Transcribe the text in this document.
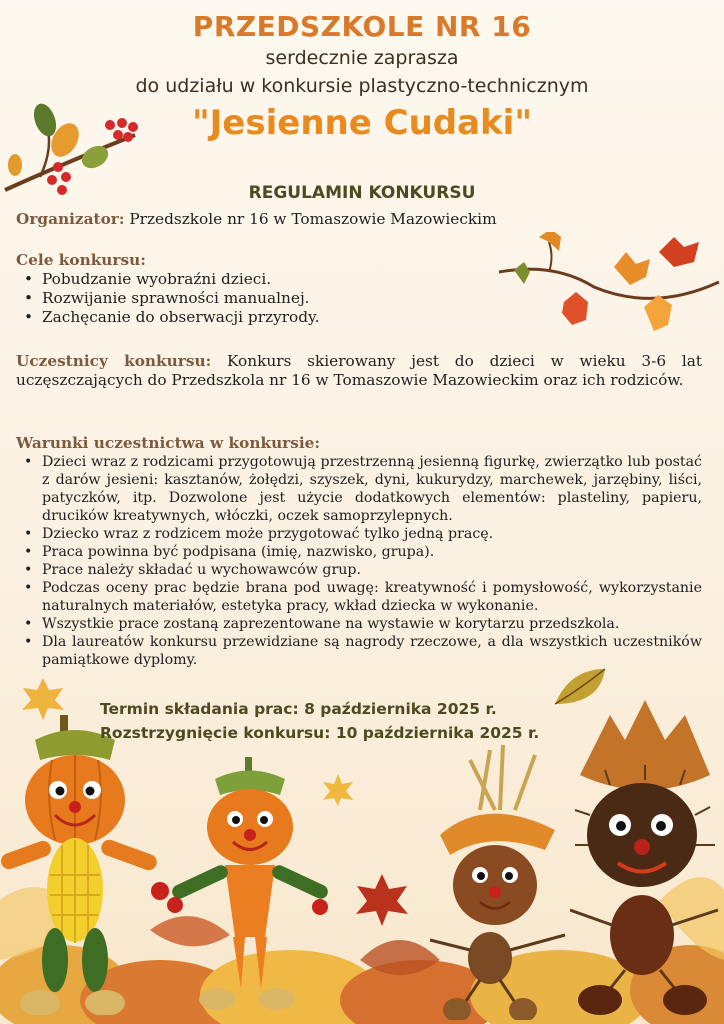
PRZEDSZKOLE NR 16
serdecznie zaprasza
do udziału w konkursie plastyczno-technicznym
"Jesienne Cudaki"
REGULAMIN KONKURSU
Organizator: Przedszkole nr 16 w Tomaszowie Mazowieckim
Cele konkursu:
• Pobudzanie wyobraźni dzieci.
• Rozwijanie sprawności manualnej.
• Zachęcanie do obserwacji przyrody.
Uczestnicy konkursu: Konkurs skierowany jest do dzieci w wieku 3-6 lat uczęszczających do Przedszkola nr 16 w Tomaszowie Mazowieckim oraz ich rodziców.
Warunki uczestnictwa w konkursie:
• Dzieci wraz z rodzicami przygotowują przestrzenną jesienną figurkę, zwierzątko lub postać z darów jesieni: kasztanów, żołędzi, szyszek, dyni, kukurydzy, marchewek, jarzębiny, liści, patyczków, itp. Dozwolone jest użycie dodatkowych elementów: plasteliny, papieru, drucików kreatywnych, włóczki, oczek samoprzylepnych.
• Dziecko wraz z rodzicem może przygotować tylko jedną pracę.
• Praca powinna być podpisana (imię, nazwisko, grupa).
• Prace należy składać u wychowawców grup.
• Podczas oceny prac będzie brana pod uwagę: kreatywność i pomysłowość, wykorzystanie naturalnych materiałów, estetyka pracy, wkład dziecka w wykonanie.
• Wszystkie prace zostaną zaprezentowane na wystawie w korytarzu przedszkola.
• Dla laureatów konkursu przewidziane są nagrody rzeczowe, a dla wszystkich uczestników pamiątkowe dyplomy.
Termin składania prac: 8 października 2025 r.
Rozstrzygnięcie konkursu: 10 października 2025 r.
